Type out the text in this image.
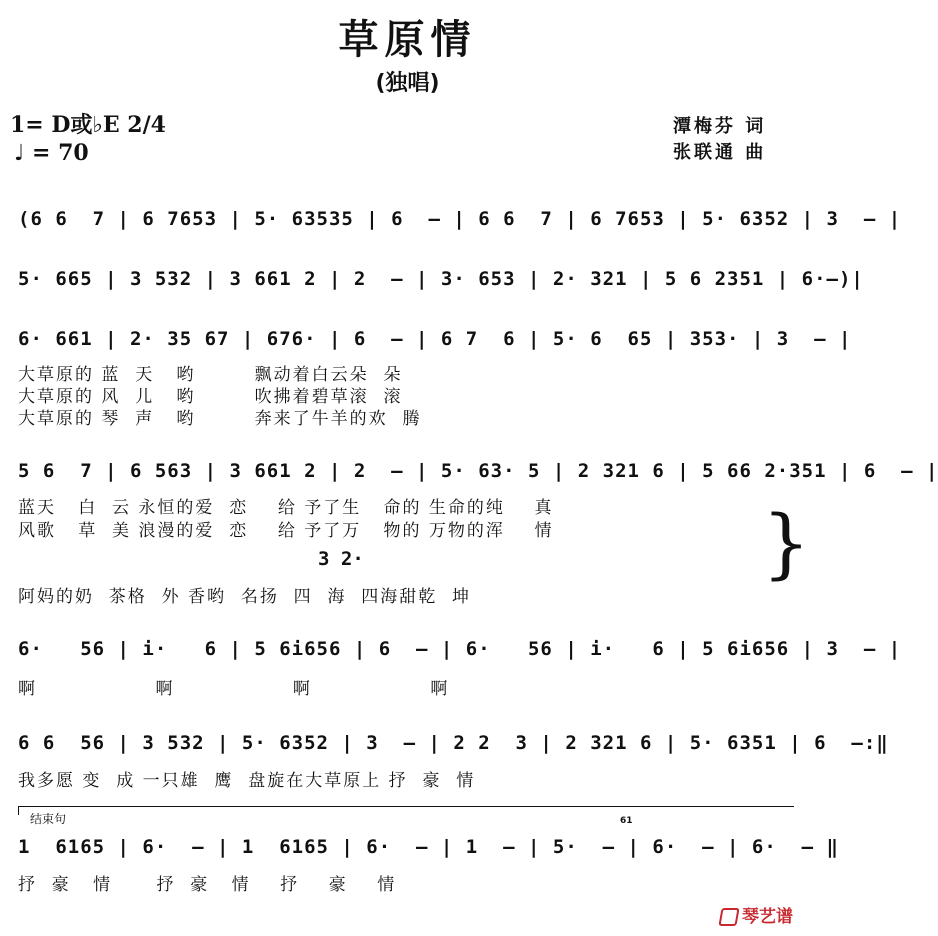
草原情
(独唱)
1= D或♭E 2/4
♩ = 70
潭梅芬 词
张联通 曲
(6 6  7 | 6 7653 | 5· 63535 | 6  — | 6 6  7 | 6 7653 | 5· 6352 | 3  — |
5· 665 | 3 532 | 3 661 2 | 2  — | 3· 653 | 2· 321 | 5 6 2351 | 6·—)|
6· 661 | 2· 35 67 | 676· | 6  — | 6 7  6 | 5· 6  65 | 353· | 3  — |
大草原的 蓝  天   哟        飘动着白云朵  朵
大草原的 风  儿   哟        吹拂着碧草滚  滚
大草原的 琴  声   哟        奔来了牛羊的欢  腾
5 6  7 | 6 563 | 3 661 2 | 2  — | 5· 63· 5 | 2 321 6 | 5 66 2·351 | 6  — |
蓝天   白  云 永恒的爱  恋    给 予了生   命的 生命的纯    真
风歌   草  美 浪漫的爱  恋    给 予了万   物的 万物的浑    情
3 2·
阿妈的奶  茶格  外 香哟  名扬  四  海  四海甜乾  坤
}
6·   56 | i·   6 | 5 6i656 | 6  — | 6·   56 | i·   6 | 5 6i656 | 3  — |
啊                啊                啊                啊
6 6  56 | 3 532 | 5· 6352 | 3  — | 2 2  3 | 2 321 6 | 5· 6351 | 6  —:‖
我多愿 变  成 一只雄  鹰  盘旋在大草原上 抒  豪  情
结束句	61
1  6165 | 6·  — | 1  6165 | 6·  — | 1  — | 5·  — | 6·  — | 6·  — ‖
抒  豪   情      抒  豪   情    抒    豪    情
琴艺谱
